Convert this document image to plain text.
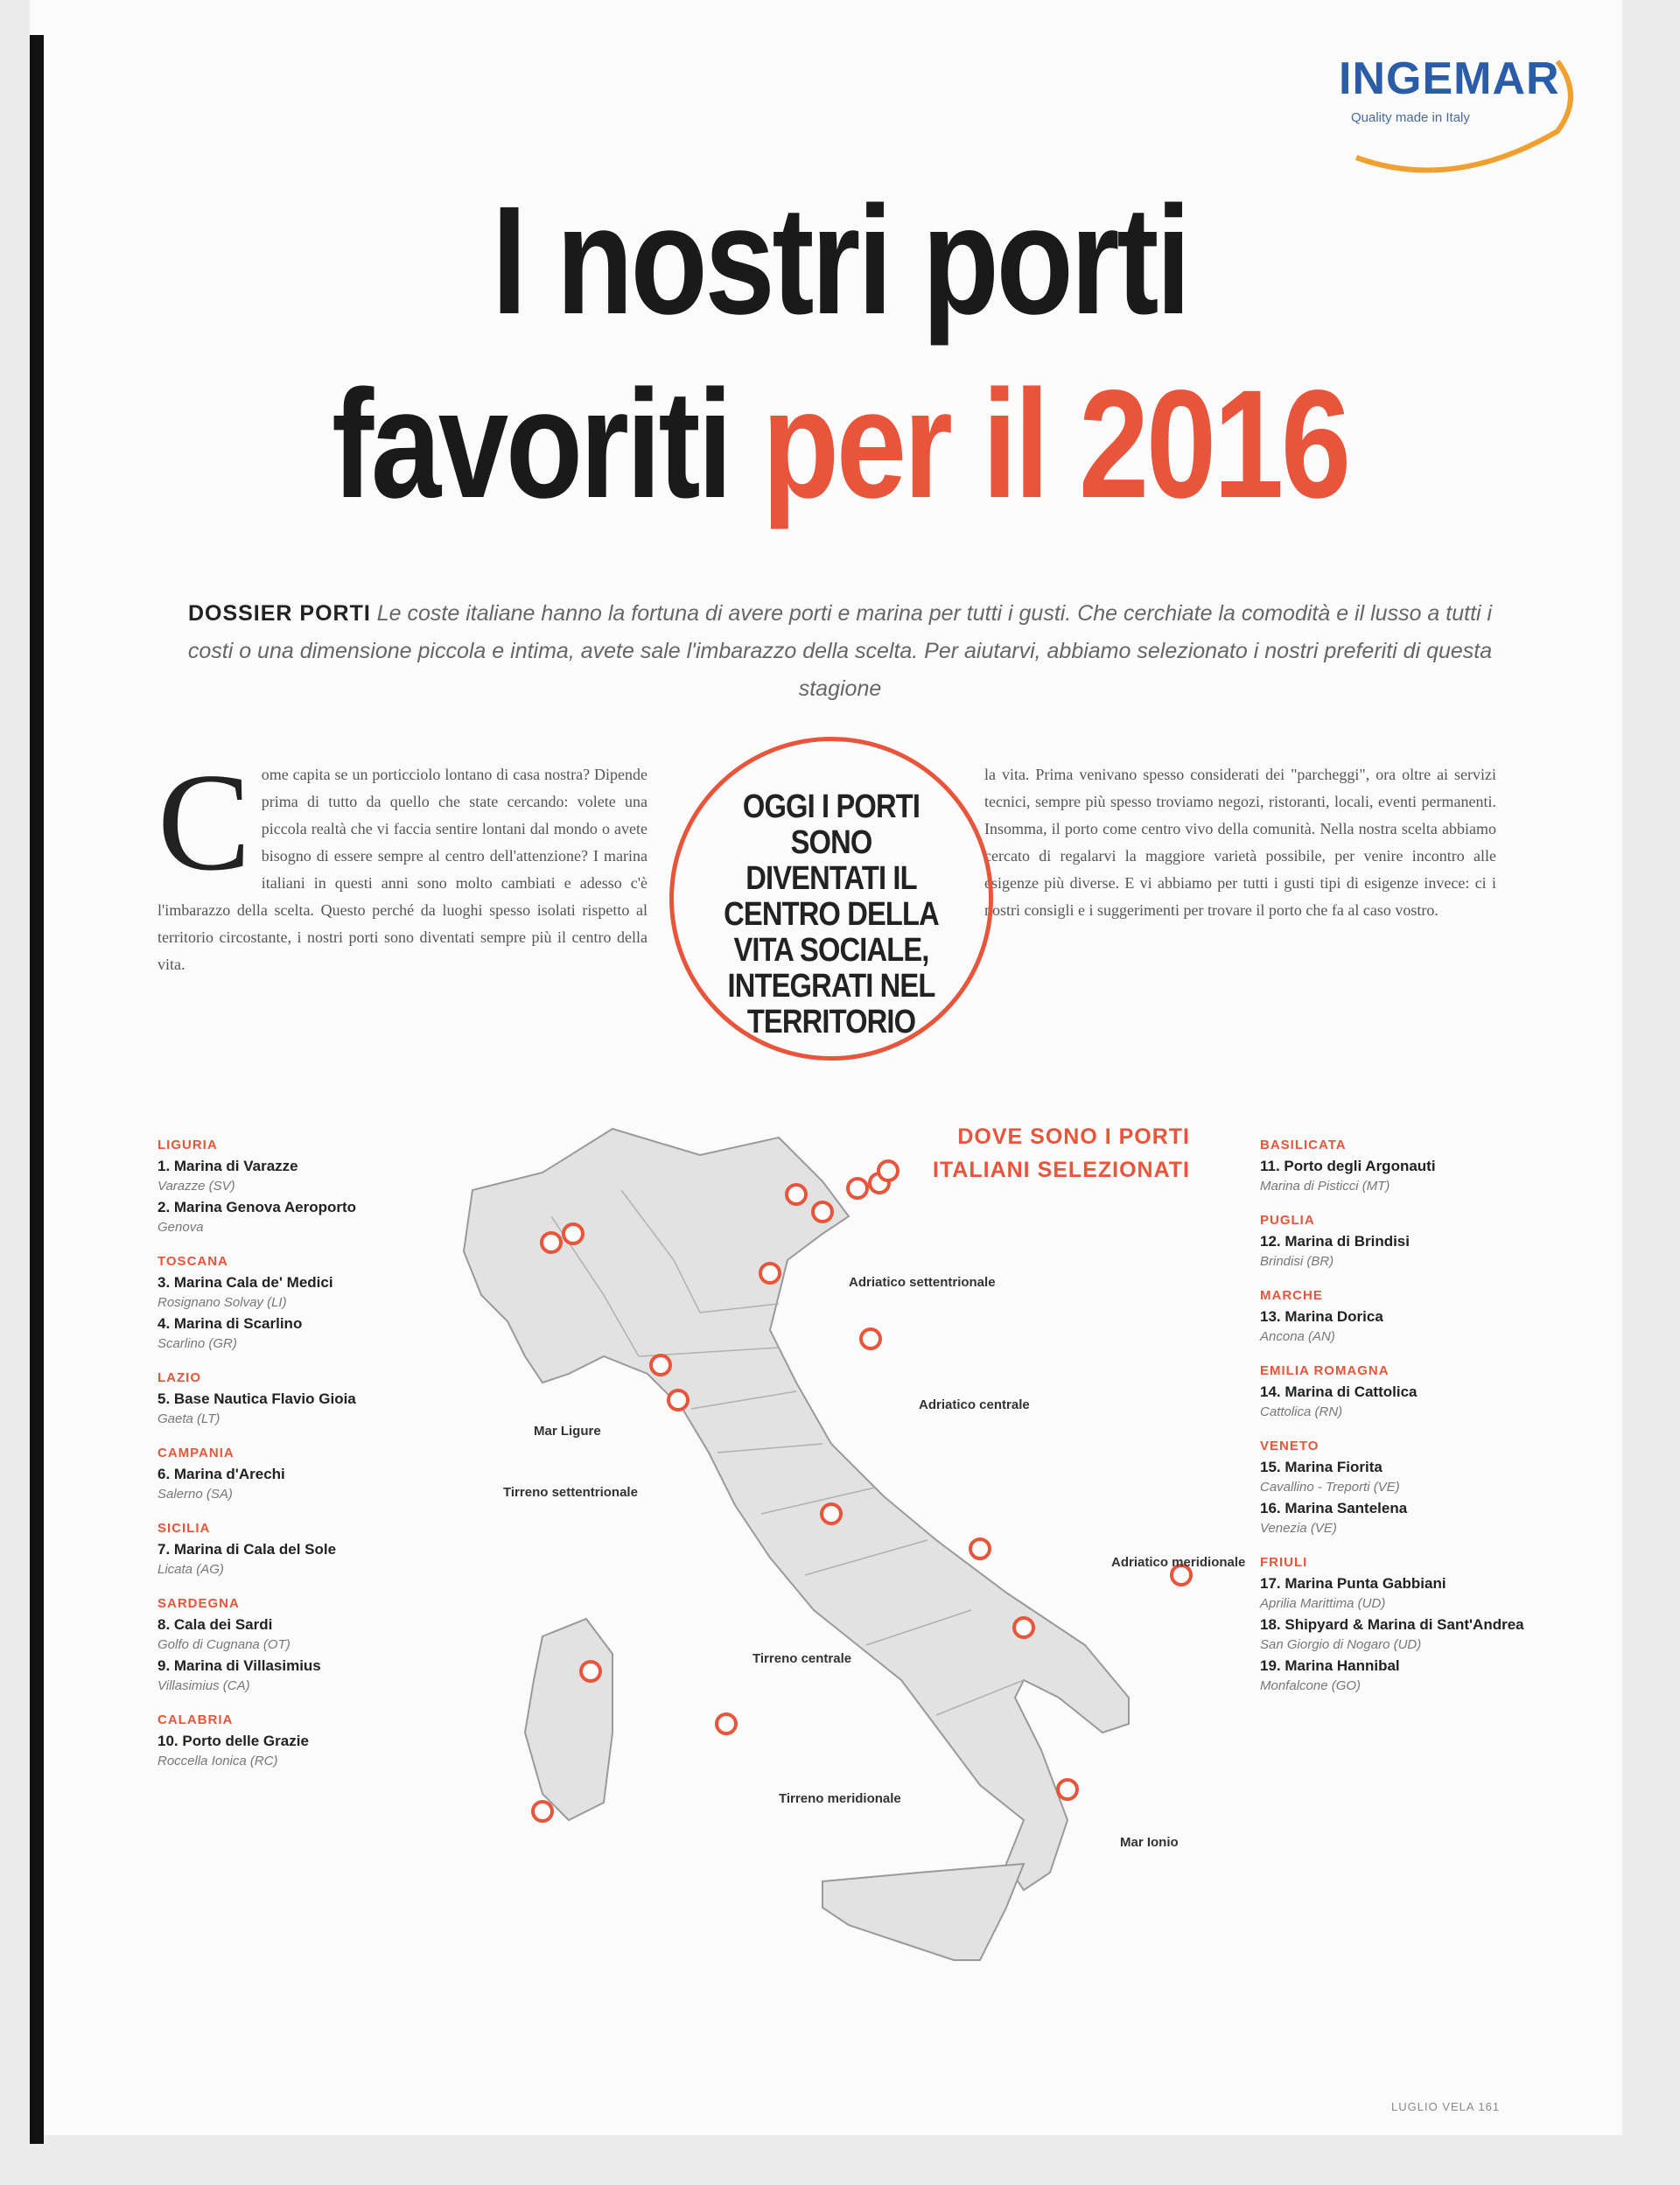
INGEMAR
Quality made in Italy
I nostri porti
favoriti per il 2016
DOSSIER PORTI Le coste italiane hanno la fortuna di avere porti e marina per tutti i gusti. Che cerchiate la comodità e il lusso a tutti i costi o una dimensione piccola e intima, avete sale l'imbarazzo della scelta. Per aiutarvi, abbiamo selezionato i nostri preferiti di questa stagione
Come capita se un porticciolo lontano di casa nostra? Dipende prima di tutto da quello che state cercando: volete una piccola realtà che vi faccia sentire lontani dal mondo o avete bisogno di essere sempre al centro dell'attenzione? I marina italiani in questi anni sono molto cambiati e adesso c'è l'imbarazzo della scelta. Questo perché da luoghi spesso isolati rispetto al territorio circostante, i nostri porti sono diventati sempre più il centro della vita.
la vita. Prima venivano spesso considerati dei "parcheggi", ora oltre ai servizi tecnici, sempre più spesso troviamo negozi, ristoranti, locali, eventi permanenti. Insomma, il porto come centro vivo della comunità. Nella nostra scelta abbiamo cercato di regalarvi la maggiore varietà possibile, per venire incontro alle esigenze più diverse. E vi abbiamo per tutti i gusti tipi di esigenze invece: ci i nostri consigli e i suggerimenti per trovare il porto che fa al caso vostro.
OGGI I PORTI SONO DIVENTATI IL CENTRO DELLA VITA SOCIALE, INTEGRATI NEL TERRITORIO
DOVE SONO I PORTI
ITALIANI SELEZIONATI
Mar Ligure
Tirreno settentrionale
Tirreno centrale
Tirreno meridionale
Adriatico settentrionale
Adriatico centrale
Adriatico meridionale
Mar Ionio
LIGURIA
1. Marina di Varazze
Varazze (SV)
2. Marina Genova Aeroporto
Genova
TOSCANA
3. Marina Cala de' Medici
Rosignano Solvay (LI)
4. Marina di Scarlino
Scarlino (GR)
LAZIO
5. Base Nautica Flavio Gioia
Gaeta (LT)
CAMPANIA
6. Marina d'Arechi
Salerno (SA)
SICILIA
7. Marina di Cala del Sole
Licata (AG)
SARDEGNA
8. Cala dei Sardi
Golfo di Cugnana (OT)
9. Marina di Villasimius
Villasimius (CA)
CALABRIA
10. Porto delle Grazie
Roccella Ionica (RC)
BASILICATA
11. Porto degli Argonauti
Marina di Pisticci (MT)
PUGLIA
12. Marina di Brindisi
Brindisi (BR)
MARCHE
13. Marina Dorica
Ancona (AN)
EMILIA ROMAGNA
14. Marina di Cattolica
Cattolica (RN)
VENETO
15. Marina Fiorita
Cavallino - Treporti (VE)
16. Marina Santelena
Venezia (VE)
FRIULI
17. Marina Punta Gabbiani
Aprilia Marittima (UD)
18. Shipyard & Marina di Sant'Andrea
San Giorgio di Nogaro (UD)
19. Marina Hannibal
Monfalcone (GO)
LUGLIO VELA 161
